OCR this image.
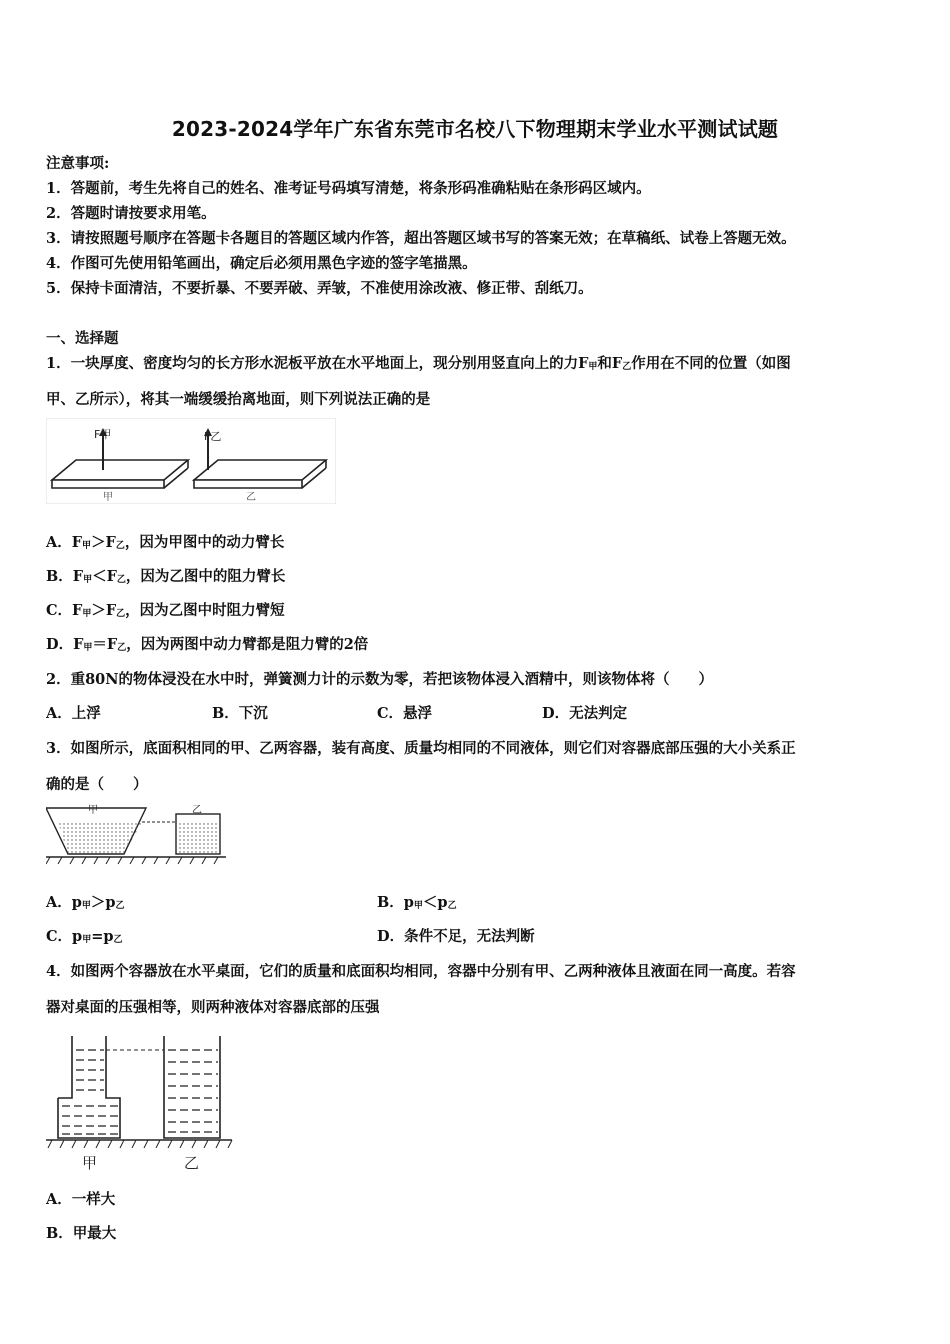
2023-2024学年广东省东莞市名校八下物理期末学业水平测试试题
注意事项:
1．答题前，考生先将自己的姓名、准考证号码填写清楚，将条形码准确粘贴在条形码区域内。
2．答题时请按要求用笔。
3．请按照题号顺序在答题卡各题目的答题区域内作答，超出答题区域书写的答案无效；在草稿纸、试卷上答题无效。
4．作图可先使用铅笔画出，确定后必须用黑色字迹的签字笔描黑。
5．保持卡面清洁，不要折暴、不要弄破、弄皱，不准使用涂改液、修正带、刮纸刀。
一、选择题
1．一块厚度、密度均匀的长方形水泥板平放在水平地面上，现分别用竖直向上的力F甲和F乙作用在不同的位置（如图
甲、乙所示），将其一端缓缓抬离地面，则下列说法正确的是
F甲
甲
F乙
乙
A．F甲＞F乙，因为甲图中的动力臂长
B．F甲＜F乙，因为乙图中的阻力臂长
C．F甲＞F乙，因为乙图中时阻力臂短
D．F甲＝F乙，因为两图中动力臂都是阻力臂的2倍
2．重80N的物体浸没在水中时，弹簧测力计的示数为零，若把该物体浸入酒精中，则该物体将（　　）
A．上浮	B．下沉	C．悬浮	D．无法判定
3．如图所示，底面积相同的甲、乙两容器，装有高度、质量均相同的不同液体，则它们对容器底部压强的大小关系正
确的是（　　）
甲	乙
A．p甲＞p乙	B．p甲＜p乙
C．p甲=p乙	D．条件不足，无法判断
4．如图两个容器放在水平桌面，它们的质量和底面积均相同，容器中分别有甲、乙两种液体且液面在同一高度。若容
器对桌面的压强相等，则两种液体对容器底部的压强
甲	乙
A．一样大
B．甲最大
